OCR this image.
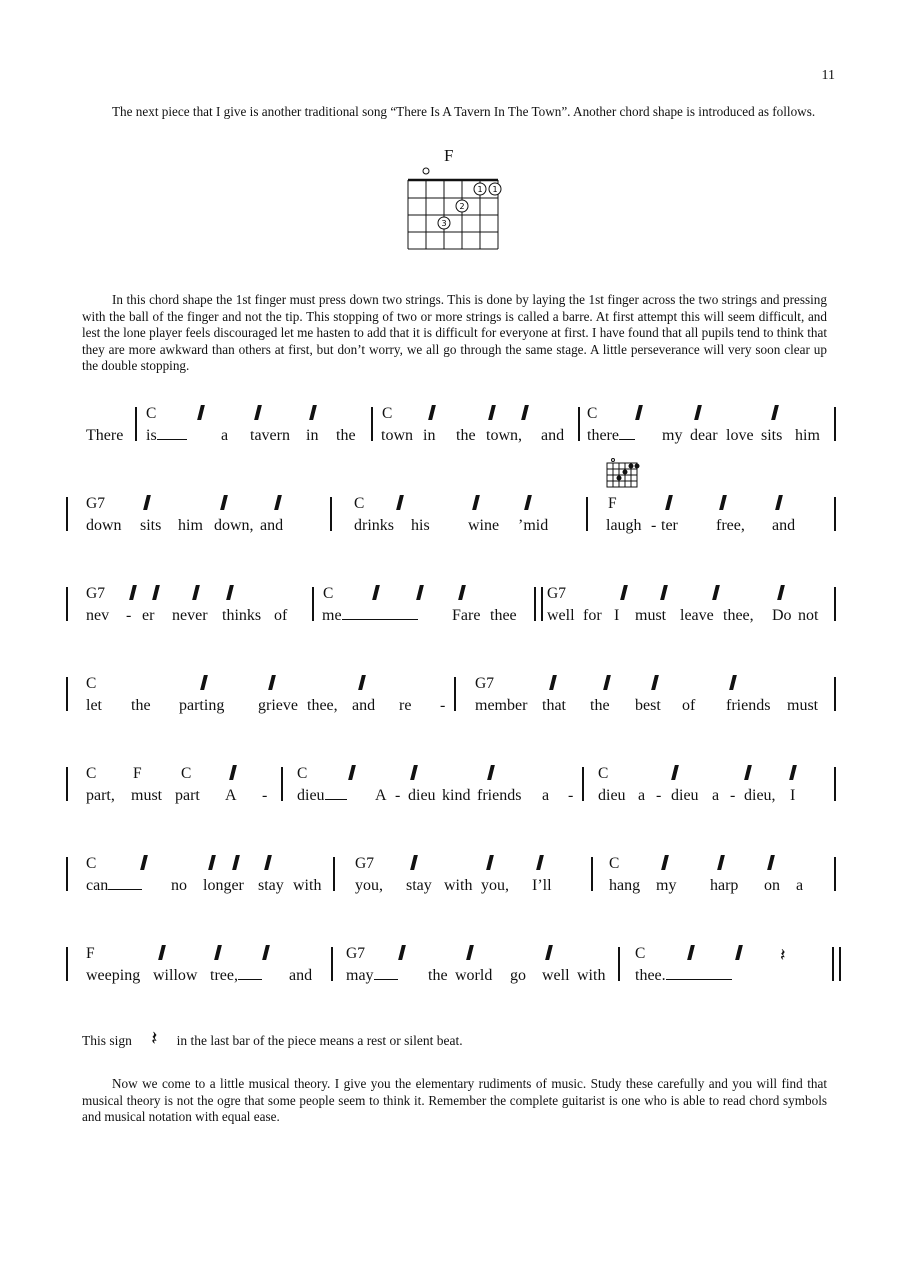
11
The next piece that I give is another traditional song “There Is A Tavern In The Town”. Another chord shape is introduced as follows.
F
1 1
2
3
In this chord shape the 1st finger must press down two strings. This is done by laying the 1st finger across the two strings and pressing with the ball of the finger and not the tip. This stopping of two or more strings is called a barre. At first attempt this will seem difficult, and lest the lone player feels discouraged let me hasten to add that it is difficult for everyone at first. I have found that all pupils tend to think that they are more awkward than others at first, but don’t worry, we all go through the same stage. A little perseverance will very soon clear up the double stopping.
There
C
is	a tavern in the
C
town in the town, and
C
there	my dear love sits him
G7
down sits him down, and
C
drinks his wine ’mid
F
laugh - ter free, and
G7
nev - er never thinks of
C
me	Fare thee
G7
well for I must leave thee, Do not
C
let the parting grieve thee, and re -
G7
member that the best of friends must
C F	C
part, must part A -
C
dieu	A - dieu kind friends a -
C
dieu a - dieu a - dieu, I
C
can	no longer stay with
G7
you, stay with you, I’ll
C
hang my harp on a
F
weeping willow tree,	and
G7
may	the world go well with
C	𝄽
thee.
This sign 𝄽 in the last bar of the piece means a rest or silent beat.
Now we come to a little musical theory. I give you the elementary rudiments of music. Study these carefully and you will find that musical theory is not the ogre that some people seem to think it. Remember the complete guitarist is one who is able to read chord symbols and musical notation with equal ease.
